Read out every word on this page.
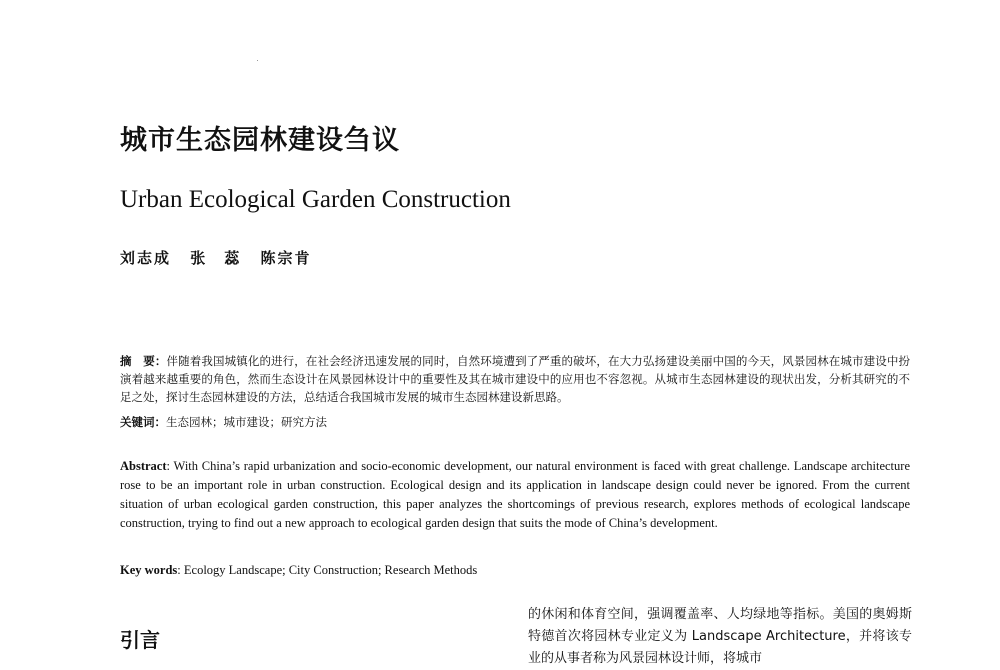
城市生态园林建设刍议
Urban Ecological Garden Construction
刘志成 张　蕊 陈宗肯
摘　要：伴随着我国城镇化的进行，在社会经济迅速发展的同时，自然环境遭到了严重的破坏，在大力弘扬建设美丽中国的今天，风景园林在城市建设中扮演着越来越重要的角色，然而生态设计在风景园林设计中的重要性及其在城市建设中的应用也不容忽视。从城市生态园林建设的现状出发，分析其研究的不足之处，探讨生态园林建设的方法，总结适合我国城市发展的城市生态园林建设新思路。
关键词：生态园林；城市建设；研究方法
Abstract: With China’s rapid urbanization and socio-economic development, our natural environment is faced with great challenge. Landscape architecture rose to be an important role in urban construction. Ecological design and its application in landscape design could never be ignored. From the current situation of urban ecological garden construction, this paper analyzes the shortcomings of previous research, explores methods of ecological landscape construction, trying to find out a new approach to ecological garden design that suits the mode of China’s development.
Key words: Ecology Landscape; City Construction; Research Methods
引言
的休闲和体育空间，强调覆盖率、人均绿地等指标。美国的奥姆斯特德首次将园林专业定义为 Landscape Architecture，并将该专业的从事者称为风景园林设计师，将城市
